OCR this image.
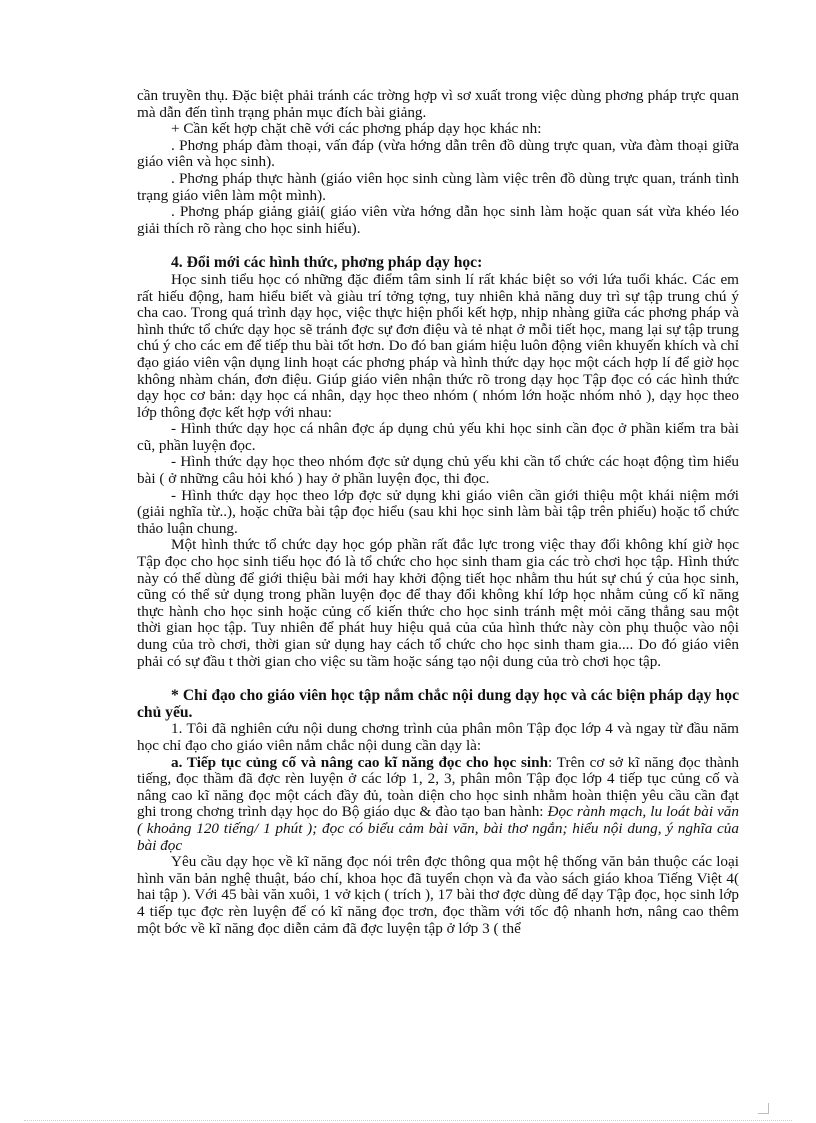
cần truyền thụ. Đặc biệt phải tránh các trờng hợp vì sơ xuất trong việc dùng phơng pháp trực quan mà dẫn đến tình trạng phản mục đích bài giảng.

+ Cần kết hợp chặt chẽ với các phơng pháp dạy học khác nh:

. Phơng pháp đàm thoại, vấn đáp (vừa hớng dẫn trên đồ dùng trực quan, vừa đàm thoại giữa giáo viên và học sinh).

. Phơng pháp thực hành (giáo viên học sinh cùng làm việc trên đồ dùng trực quan, tránh tình trạng giáo viên làm một mình).

. Phơng pháp giảng giải( giáo viên vừa hớng dẫn học sinh làm hoặc quan sát vừa khéo léo giải thích rõ ràng cho học sinh hiểu).

4. Đổi mới các hình thức, phơng pháp dạy học:

Học sinh tiểu học có những đặc điểm tâm sinh lí rất khác biệt so với lứa tuổi khác. Các em rất hiếu động, ham hiểu biết và giàu trí tởng tợng, tuy nhiên khả năng duy trì sự tập trung chú ý cha cao. Trong quá trình dạy học, việc thực hiện phối kết hợp, nhịp nhàng giữa các phơng pháp và hình thức tổ chức dạy học sẽ tránh đợc sự đơn điệu và tẻ nhạt ở mỗi tiết học, mang lại sự tập trung chú ý cho các em để tiếp thu bài tốt hơn. Do đó ban giám hiệu luôn động viên khuyến khích và chỉ đạo giáo viên vận dụng linh hoạt các phơng pháp và hình thức dạy học một cách hợp lí để giờ học không nhàm chán, đơn điệu. Giúp giáo viên nhận thức rõ trong dạy học Tập đọc có các hình thức dạy học cơ bản: dạy học cá nhân, dạy học theo nhóm ( nhóm lớn hoặc nhóm nhỏ ), dạy học theo lớp thông đợc kết hợp với nhau:

- Hình thức dạy học cá nhân đợc áp dụng chủ yếu khi học sinh cần đọc ở phần kiểm tra bài cũ, phần luyện đọc.

- Hình thức dạy học theo nhóm đợc sử dụng chủ yếu khi cần tổ chức các hoạt động tìm hiểu bài ( ở những câu hỏi khó ) hay ở phần luyện đọc, thi đọc.

- Hình thức dạy học theo lớp đợc sử dụng khi giáo viên cần giới thiệu một khái niệm mới (giải nghĩa từ..), hoặc chữa bài tập đọc hiểu (sau khi học sinh làm bài tập trên phiếu) hoặc tổ chức thảo luận chung.

Một hình thức tổ chức dạy học góp phần rất đắc lực trong việc thay đổi không khí giờ học Tập đọc cho học sinh tiểu học đó là tổ chức cho học sinh tham gia các trò chơi học tập. Hình thức này có thể dùng để giới thiệu bài mới hay khởi động tiết học nhằm thu hút sự chú ý của học sinh, cũng có thể sử dụng trong phần luyện đọc để thay đổi không khí lớp học nhằm củng cố kĩ năng thực hành cho học sinh hoặc củng cố kiến thức cho học sinh tránh mệt mỏi căng thẳng sau một thời gian học tập. Tuy nhiên để phát huy hiệu quả của của hình thức này còn phụ thuộc vào nội dung của trò chơi, thời gian sử dụng hay cách tổ chức cho học sinh tham gia.... Do đó giáo viên phải có sự đầu t thời gian cho việc su tầm hoặc sáng tạo nội dung của trò chơi học tập.

* Chỉ đạo cho giáo viên học tập nắm chắc nội dung dạy học và các biện pháp dạy học chủ yếu.

1. Tôi đã nghiên cứu nội dung chơng trình của phân môn Tập đọc lớp 4 và ngay từ đầu năm học chỉ đạo cho giáo viên nắm chắc nội dung cần dạy là:

a. Tiếp tục củng cố và nâng cao kĩ năng đọc cho học sinh: Trên cơ sở kĩ năng đọc thành tiếng, đọc thầm đã đợc rèn luyện ở các lớp 1, 2, 3, phân môn Tập đọc lớp 4 tiếp tục củng cố và nâng cao kĩ năng đọc một cách đầy đủ, toàn diện cho học sinh nhằm hoàn thiện yêu cầu cần đạt ghi trong chơng trình dạy học do Bộ giáo dục & đào tạo ban hành: Đọc rành mạch, lu loát bài văn ( khoảng 120 tiếng/ 1 phút ); đọc có biểu cảm bài văn, bài thơ ngắn; hiểu nội dung, ý nghĩa của bài đọc

Yêu cầu dạy học về kĩ năng đọc nói trên đợc thông qua một hệ thống văn bản thuộc các loại hình văn bản nghệ thuật, báo chí, khoa học đã tuyển chọn và đa vào sách giáo khoa Tiếng Việt 4( hai tập ). Với 45 bài văn xuôi, 1 vở kịch ( trích ), 17 bài thơ đợc dùng để dạy Tập đọc, học sinh lớp 4 tiếp tục đợc rèn luyện để có kĩ năng đọc trơn, đọc thầm với tốc độ nhanh hơn, nâng cao thêm một bớc về kĩ năng đọc diễn cảm đã đợc luyện tập ở lớp 3 ( thể
